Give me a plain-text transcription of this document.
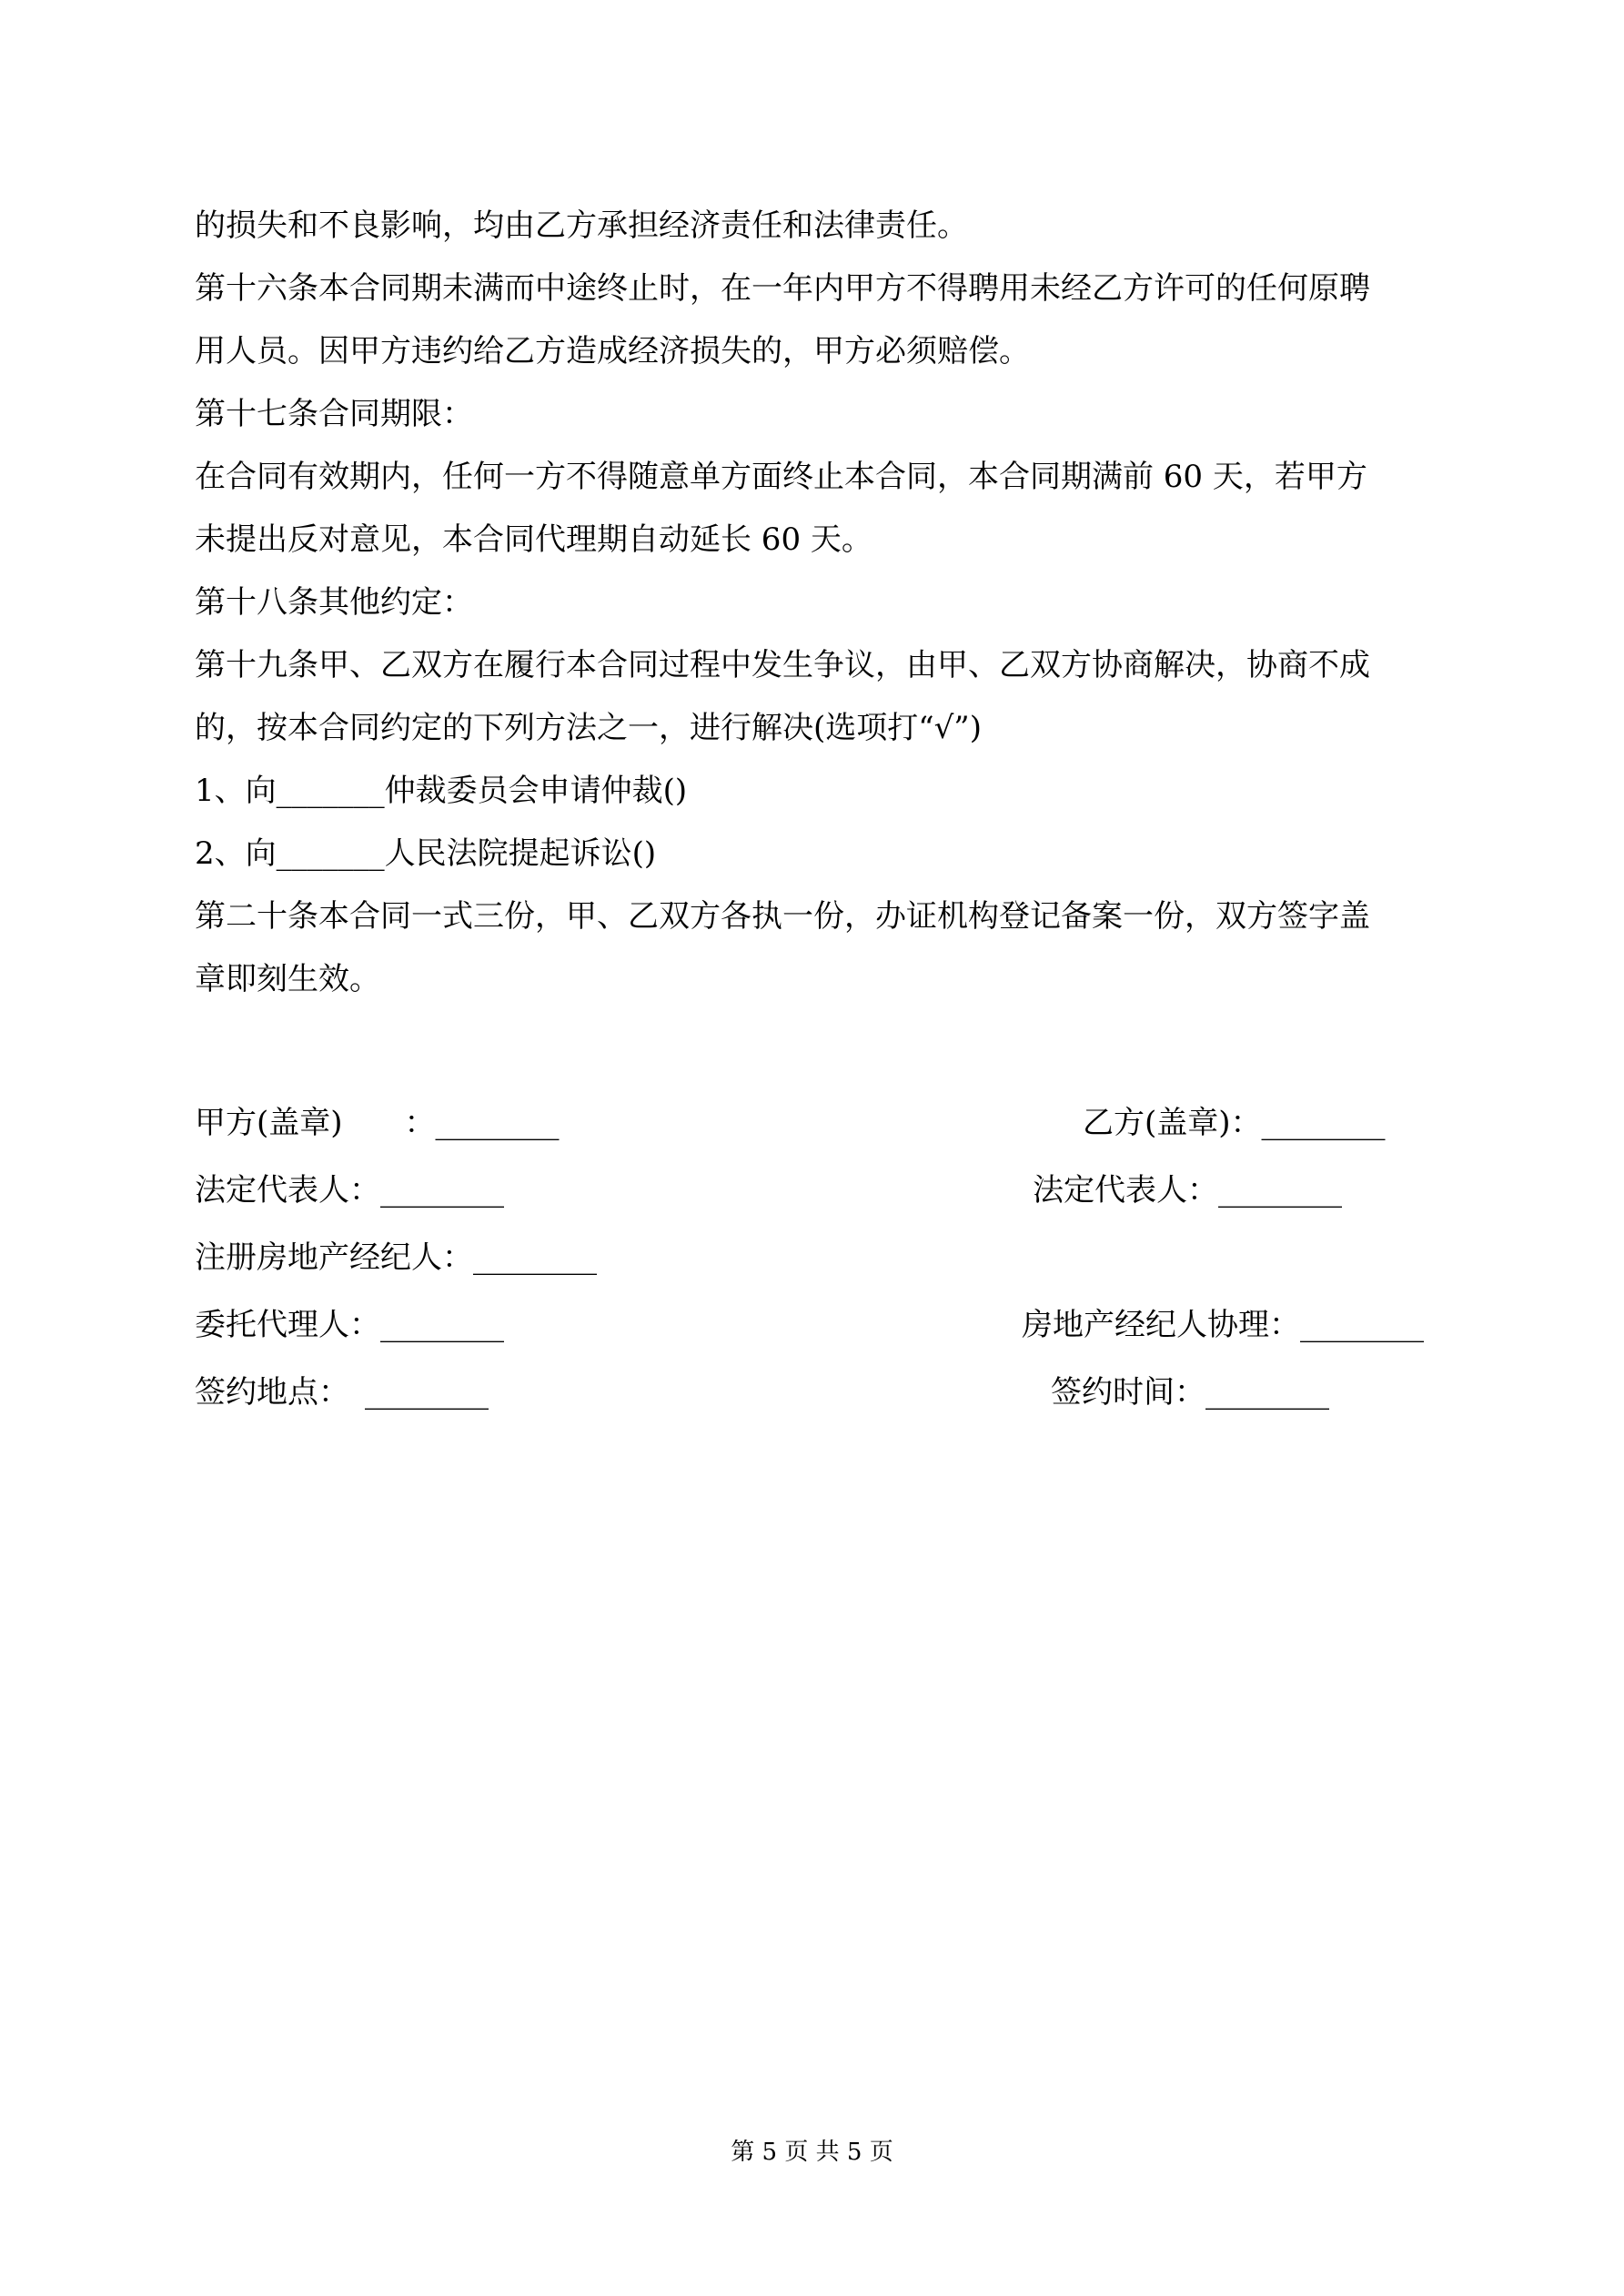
的损失和不良影响，均由乙方承担经济责任和法律责任。

第十六条本合同期未满而中途终止时，在一年内甲方不得聘用未经乙方许可的任何原聘

用人员。因甲方违约给乙方造成经济损失的，甲方必须赔偿。

第十七条合同期限：

在合同有效期内，任何一方不得随意单方面终止本合同，本合同期满前 60 天，若甲方

未提出反对意见，本合同代理期自动延长 60 天。

第十八条其他约定：

第十九条甲、乙双方在履行本合同过程中发生争议，由甲、乙双方协商解决，协商不成

的，按本合同约定的下列方法之一，进行解决(选项打“√”)

1、向_______仲裁委员会申请仲裁()

2、向_______人民法院提起诉讼()

第二十条本合同一式三份，甲、乙双方各执一份，办证机构登记备案一份，双方签字盖

章即刻生效。

甲方(盖章)　　：________	乙方(盖章)：________
法定代表人：________	法定代表人：________
注册房地产经纪人：________
委托代理人：________	房地产经纪人协理：________
签约地点：　________	签约时间：________
第 5 页 共 5 页
